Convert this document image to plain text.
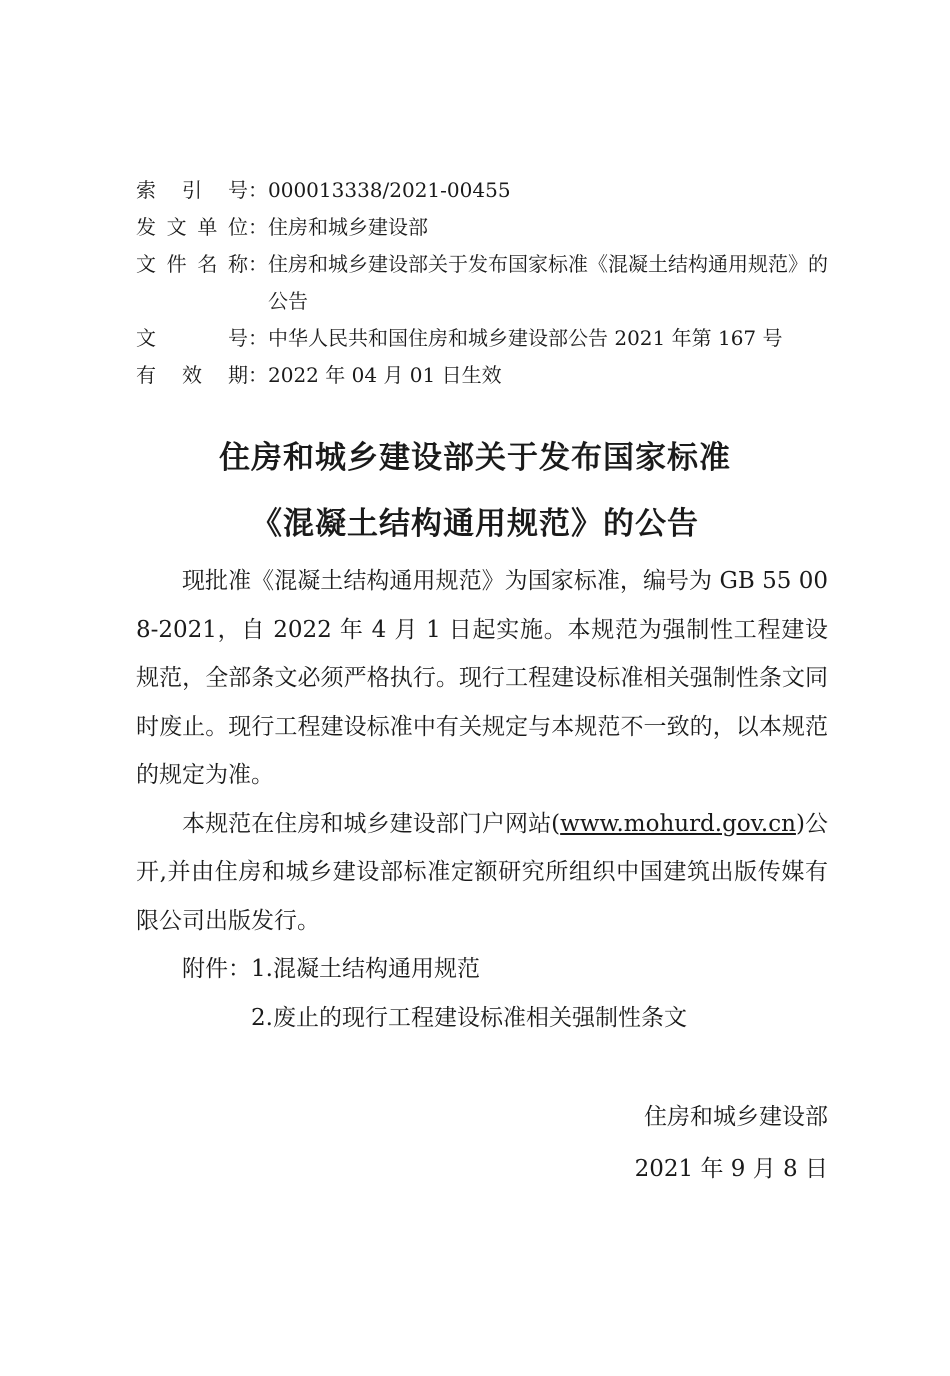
索 引 号 ： 000013338/2021-00455
发 文 单 位 ： 住房和城乡建设部
文 件 名 称 ： 住房和城乡建设部关于发布国家标准《混凝土结构通用规范》的公告
文	号 ： 中华人民共和国住房和城乡建设部公告 2021 年第 167 号
有 效 期 ： 2022 年 04 月 01 日生效
住房和城乡建设部关于发布国家标准
《混凝土结构通用规范》的公告

现批准《混凝土结构通用规范》为国家标准，编号为 GB 55 008-2021，自 2022 年 4 月 1 日起实施。本规范为强制性工程建设规范，全部条文必须严格执行。现行工程建设标准相关强制性条文同时废止。现行工程建设标准中有关规定与本规范不一致的，以本规范的规定为准。

本规范在住房和城乡建设部门户网站(www.mohurd.gov.cn)公开,并由住房和城乡建设部标准定额研究所组织中国建筑出版传媒有限公司出版发行。

附件： 1.混凝土结构通用规范
2.废止的现行工程建设标准相关强制性条文
住房和城乡建设部
2021 年 9 月 8 日
